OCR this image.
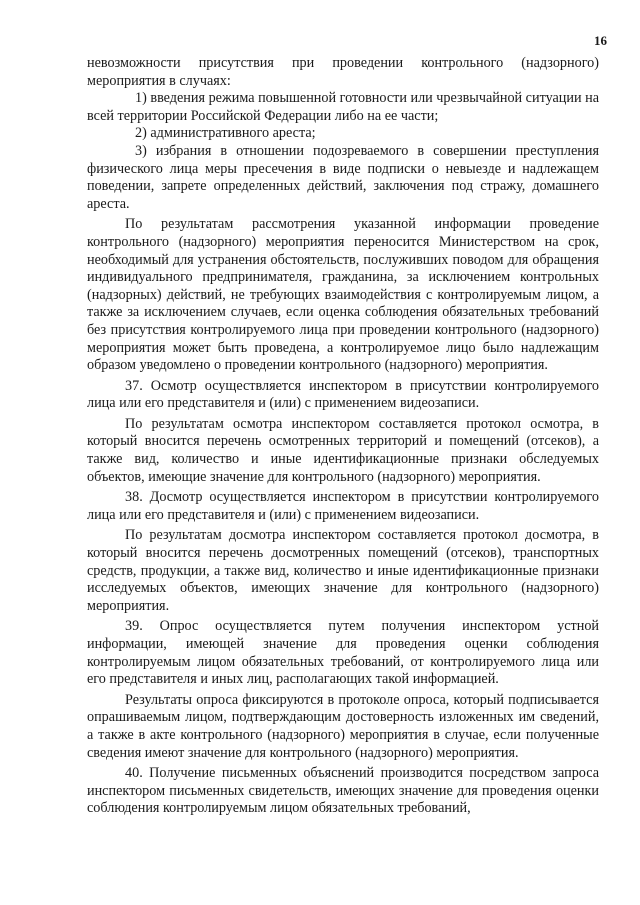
16

невозможности присутствия при проведении контрольного (надзорного) мероприятия в случаях:

1) введения режима повышенной готовности или чрезвычайной ситуации на всей территории Российской Федерации либо на ее части;

2) административного ареста;

3) избрания в отношении подозреваемого в совершении преступления физического лица меры пресечения в виде подписки о невыезде и надлежащем поведении, запрете определенных действий, заключения под стражу, домашнего ареста.

По результатам рассмотрения указанной информации проведение контрольного (надзорного) мероприятия переносится Министерством на срок, необходимый для устранения обстоятельств, послуживших поводом для обращения индивидуального предпринимателя, гражданина, за исключением контрольных (надзорных) действий, не требующих взаимодействия с контролируемым лицом, а также за исключением случаев, если оценка соблюдения обязательных требований без присутствия контролируемого лица при проведении контрольного (надзорного) мероприятия может быть проведена, а контролируемое лицо было надлежащим образом уведомлено о проведении контрольного (надзорного) мероприятия.

37. Осмотр осуществляется инспектором в присутствии контролируемого лица или его представителя и (или) с применением видеозаписи.

По результатам осмотра инспектором составляется протокол осмотра, в который вносится перечень осмотренных территорий и помещений (отсеков), а также вид, количество и иные идентификационные признаки обследуемых объектов, имеющие значение для контрольного (надзорного) мероприятия.

38. Досмотр осуществляется инспектором в присутствии контролируемого лица или его представителя и (или) с применением видеозаписи.

По результатам досмотра инспектором составляется протокол досмотра, в который вносится перечень досмотренных помещений (отсеков), транспортных средств, продукции, а также вид, количество и иные идентификационные признаки исследуемых объектов, имеющих значение для контрольного (надзорного) мероприятия.

39. Опрос осуществляется путем получения инспектором устной информации, имеющей значение для проведения оценки соблюдения контролируемым лицом обязательных требований, от контролируемого лица или его представителя и иных лиц, располагающих такой информацией.

Результаты опроса фиксируются в протоколе опроса, который подписывается опрашиваемым лицом, подтверждающим достоверность изложенных им сведений, а также в акте контрольного (надзорного) мероприятия в случае, если полученные сведения имеют значение для контрольного (надзорного) мероприятия.

40. Получение письменных объяснений производится посредством запроса инспектором письменных свидетельств, имеющих значение для проведения оценки соблюдения контролируемым лицом обязательных требований,
